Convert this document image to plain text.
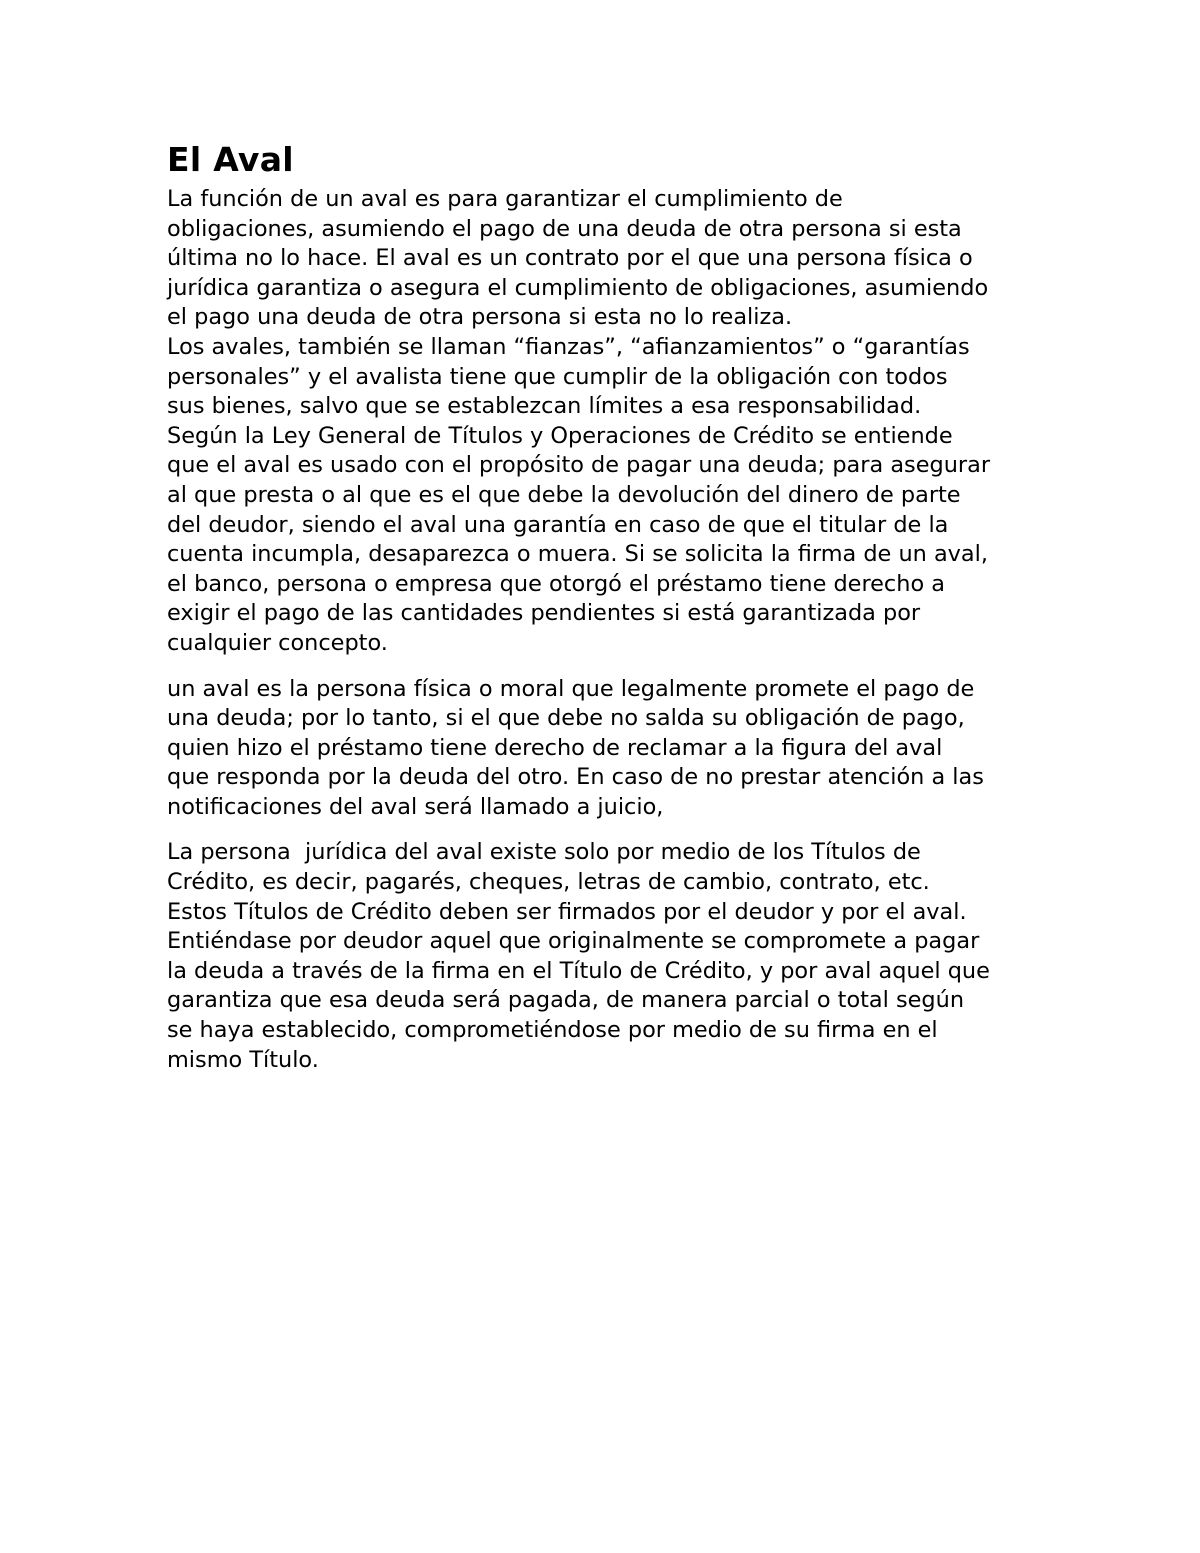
El Aval

La función de un aval es para garantizar el cumplimiento de
obligaciones, asumiendo el pago de una deuda de otra persona si esta
última no lo hace. El aval es un contrato por el que una persona física o
jurídica garantiza o asegura el cumplimiento de obligaciones, asumiendo
el pago una deuda de otra persona si esta no lo realiza.

Los avales, también se llaman “fianzas”, “afianzamientos” o “garantías
personales” y el avalista tiene que cumplir de la obligación con todos
sus bienes, salvo que se establezcan límites a esa responsabilidad.

Según la Ley General de Títulos y Operaciones de Crédito se entiende
que el aval es usado con el propósito de pagar una deuda; para asegurar
al que presta o al que es el que debe la devolución del dinero de parte
del deudor, siendo el aval una garantía en caso de que el titular de la
cuenta incumpla, desaparezca o muera. Si se solicita la firma de un aval,
el banco, persona o empresa que otorgó el préstamo tiene derecho a
exigir el pago de las cantidades pendientes si está garantizada por
cualquier concepto.

un aval es la persona física o moral que legalmente promete el pago de
una deuda; por lo tanto, si el que debe no salda su obligación de pago,
quien hizo el préstamo tiene derecho de reclamar a la figura del aval
que responda por la deuda del otro. En caso de no prestar atención a las
notificaciones del aval será llamado a juicio,

La persona  jurídica del aval existe solo por medio de los Títulos de
Crédito, es decir, pagarés, cheques, letras de cambio, contrato, etc.
Estos Títulos de Crédito deben ser firmados por el deudor y por el aval.
Entiéndase por deudor aquel que originalmente se compromete a pagar
la deuda a través de la firma en el Título de Crédito, y por aval aquel que
garantiza que esa deuda será pagada, de manera parcial o total según
se haya establecido, comprometiéndose por medio de su firma en el
mismo Título.
